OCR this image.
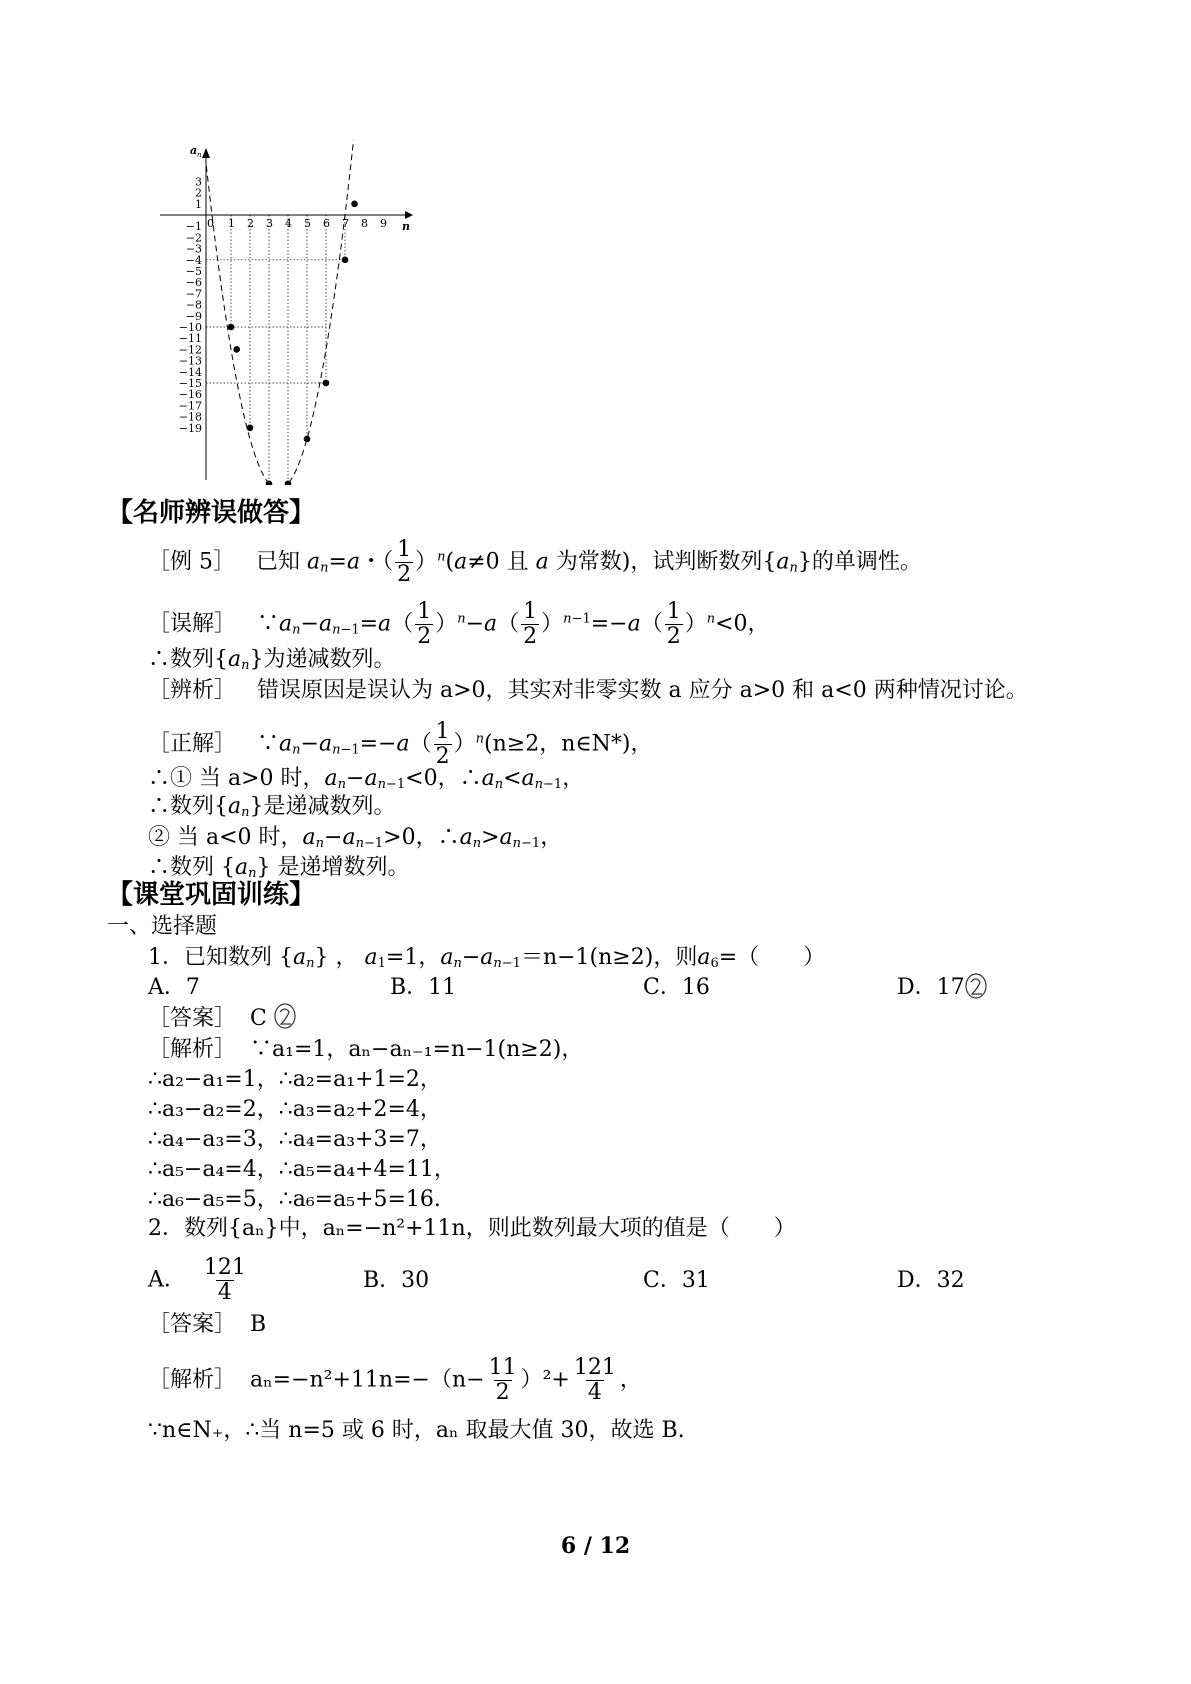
a n
n
0 1 2 3 4 5 6 7 8 9
3
2
1
−1
−2
−3
−4
−5
−6
−7
−8
−9
−10
−11
−12
−13
−14
−15
−16
−17
−18
−19
【名师辨误做答】
［例 5］ 已知 $a_n=a$・（ $\frac{1}{2} )^n(a\ne 0$ 且 a 为常数)，试判断数列$\{a_n\}$的单调性。
［误解］   $\because a_n-a_{n-1}=a( \frac{1}{2} )^n-a( \frac{1}{2} )^{n-1}=-a( \frac{1}{2} )^n<0$，
∴数列$\{a_n\}$为递减数列。
［辨析］ 错误原因是误认为 a>0，其实对非零实数 a 应分 a>0 和 a<0 两种情况讨论。
［正解］   $\because a_n-a_{n-1}=-a( \frac{1}{2} )^n(n\ge 2$，n∈N*)，
∴① 当 a>0 时，$a_n-a_{n-1}<0$，$\therefore a_n<a_{n-1}$，
∴数列$\{a_n\}$是递减数列。
② 当 a<0 时，$a_n-a_{n-1}>0$，$\therefore a_n>a_{n-1}$，
∴数列 $\{a_n\}$ 是递增数列。
【课堂巩固训练】
一、选择题
1．已知数列 $\{a_n\}$ ， $a_1=1$，$a_n-a_{n-1}=n-1(n\ge 2)$，则$a_6=$（　　）
A．7	B．11	C．16	D．17
［答案］ C
［解析］ ∵a₁=1，aₙ−aₙ₋₁=n−1(n≥2)，
∴a₂−a₁=1，∴a₂=a₁+1=2，
∴a₃−a₂=2，∴a₃=a₂+2=4，
∴a₄−a₃=3，∴a₄=a₃+3=7，
∴a₅−a₄=4，∴a₅=a₄+4=11，
∴a₆−a₅=5，∴a₆=a₅+5=16.
2．数列{aₙ}中，aₙ=−n²+11n，则此数列最大项的值是（　　）
A． $\frac{121}{4}$	B．30	C．31	D．32
［答案］ B
［解析］ $a_n=-n^2+11n=-(n- \frac{11}{2} )^2+ \frac{121}{4}$ ，
∵n∈N₊，∴当 n=5 或 6 时，aₙ 取最大值 30，故选 B.
6 / 12
